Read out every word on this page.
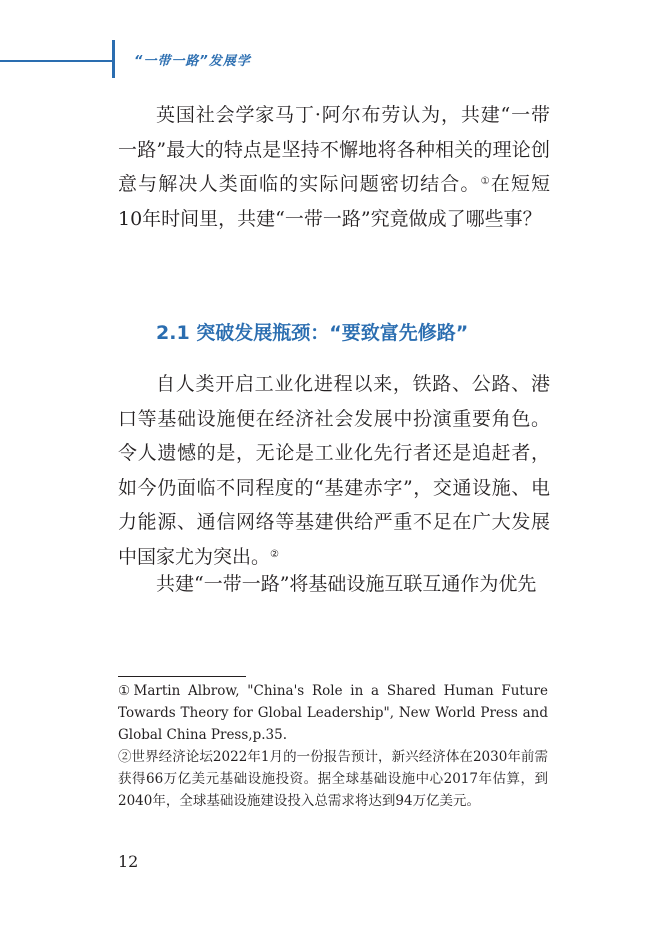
“一带一路”发展学

英国社会学家马丁·阿尔布劳认为，共建“一带一路”最大的特点是坚持不懈地将各种相关的理论创意与解决人类面临的实际问题密切结合。①在短短10年时间里，共建“一带一路”究竟做成了哪些事？

2.1 突破发展瓶颈：“要致富先修路”

自人类开启工业化进程以来，铁路、公路、港口等基础设施便在经济社会发展中扮演重要角色。令人遗憾的是，无论是工业化先行者还是追赶者，如今仍面临不同程度的“基建赤字”，交通设施、电力能源、通信网络等基建供给严重不足在广大发展中国家尤为突出。②

共建“一带一路”将基础设施互联互通作为优先

①Martin Albrow, "China's Role in a Shared Human Future Towards Theory for Global Leadership", New World Press and Global China Press,p.35.

②世界经济论坛2022年1月的一份报告预计，新兴经济体在2030年前需获得66万亿美元基础设施投资。据全球基础设施中心2017年估算，到2040年，全球基础设施建设投入总需求将达到94万亿美元。

12
